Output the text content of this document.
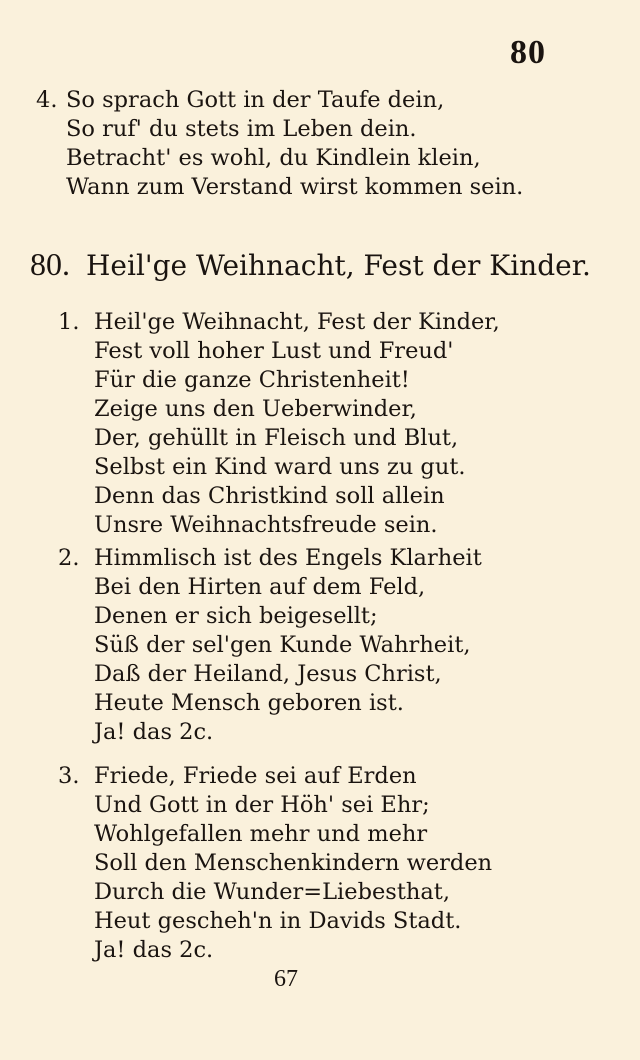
80
4. So sprach Gott in der Taufe dein,
So ruf' du stets im Leben dein.
Betracht' es wohl, du Kindlein klein,
Wann zum Verstand wirst kommen sein.
80. Heil'ge Weihnacht, Fest der Kinder.
1. Heil'ge Weihnacht, Fest der Kinder,
Fest voll hoher Lust und Freud'
Für die ganze Christenheit!
Zeige uns den Ueberwinder,
Der, gehüllt in Fleisch und Blut,
Selbst ein Kind ward uns zu gut.
Denn das Christkind soll allein
Unsre Weihnachtsfreude sein.
2. Himmlisch ist des Engels Klarheit
Bei den Hirten auf dem Feld,
Denen er sich beigesellt;
Süß der sel'gen Kunde Wahrheit,
Daß der Heiland, Jesus Christ,
Heute Mensch geboren ist.
Ja! das 2c.
3. Friede, Friede sei auf Erden
Und Gott in der Höh' sei Ehr;
Wohlgefallen mehr und mehr
Soll den Menschenkindern werden
Durch die Wunder=Liebesthat,
Heut gescheh'n in Davids Stadt.
Ja! das 2c.
67
